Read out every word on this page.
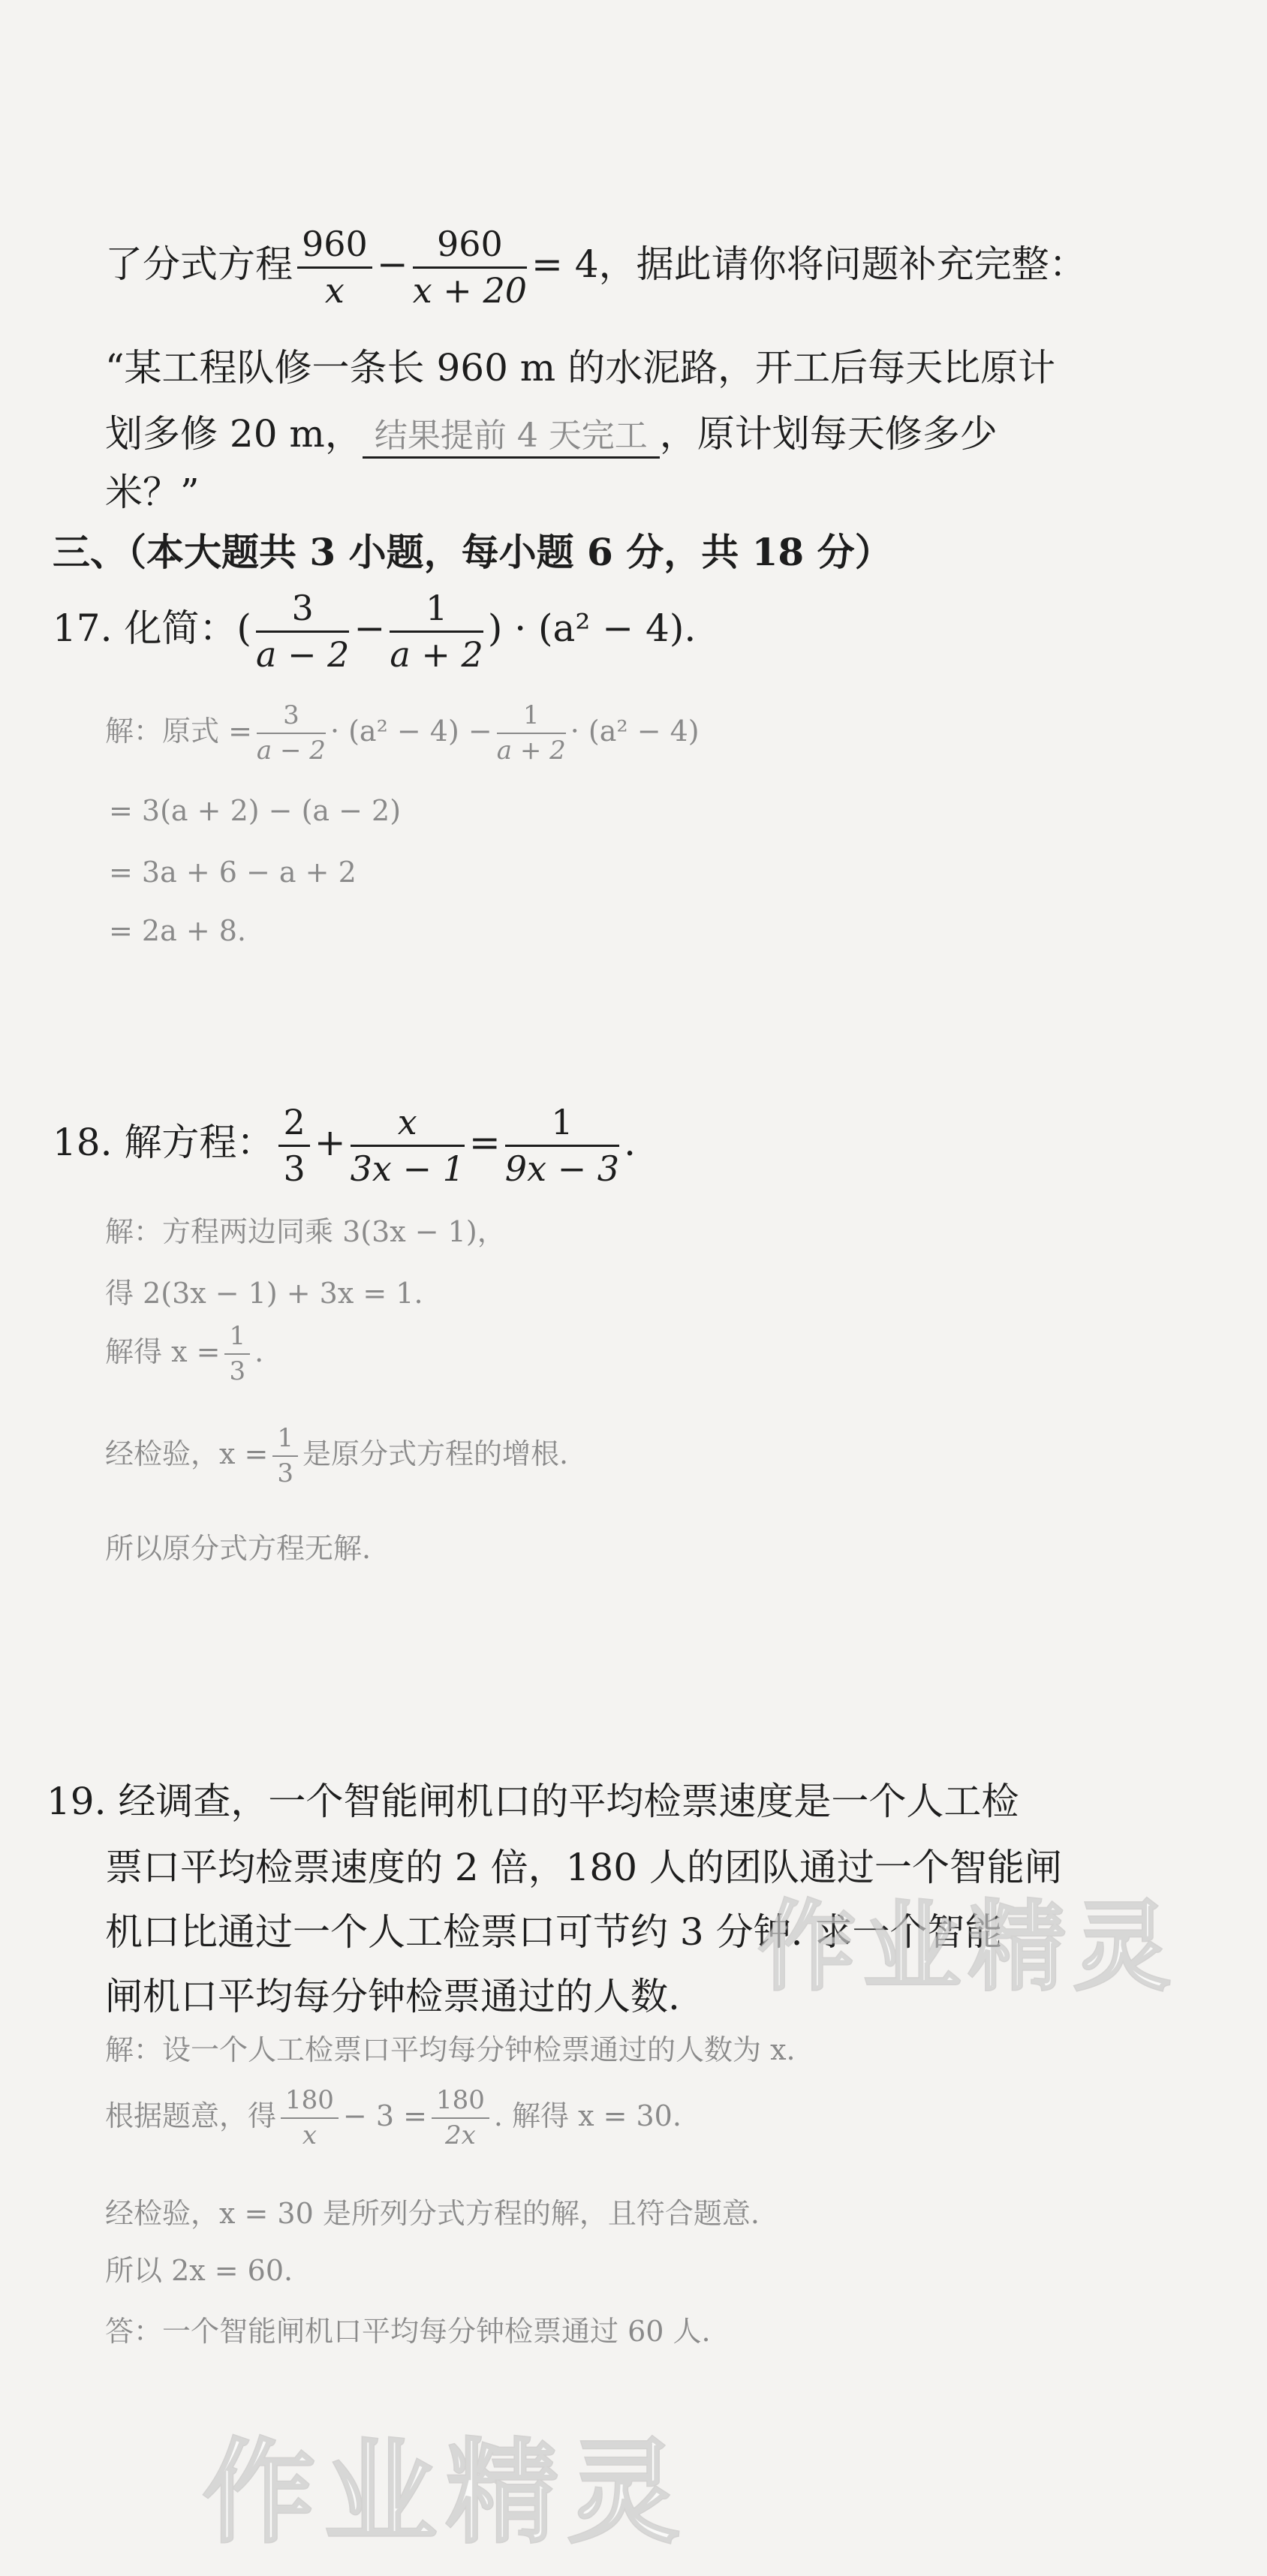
了分式方程 $\frac{960}{x} - \frac{960}{x + 20} = 4$，据此请你将问题补充完整：
“某工程队修一条长 960 m 的水泥路，开工后每天比原计
划多修 20 m， 结果提前 4 天完工 ，原计划每天修多少
米？”
三、（本大题共 3 小题，每小题 6 分，共 18 分）
17. 化简：( $\frac{3}{a - 2} - \frac{1}{a + 2}$ ) · (a² − 4).
解：原式 = $\frac{3}{a - 2} \cdot (a^2 - 4) - \frac{1}{a + 2} \cdot (a^2 - 4)$
= 3(a + 2) − (a − 2)
= 3a + 6 − a + 2
= 2a + 8.
18. 解方程： $\frac{2}{3} + \frac{x}{3x - 1} = \frac{1}{9x - 3}$ .
解：方程两边同乘 3(3x − 1)，
得 2(3x − 1) + 3x = 1.
解得 $x = \frac{1}{3}$ .
经检验，$x = \frac{1}{3}$ 是原分式方程的增根.
所以原分式方程无解.
19. 经调查，一个智能闸机口的平均检票速度是一个人工检
票口平均检票速度的 2 倍，180 人的团队通过一个智能闸
机口比通过一个人工检票口可节约 3 分钟. 求一个智能
闸机口平均每分钟检票通过的人数.
解：设一个人工检票口平均每分钟检票通过的人数为 x.
根据题意，得 $\frac{180}{x} - 3 = \frac{180}{2x}$ . 解得 x = 30.
经检验，x = 30 是所列分式方程的解，且符合题意.
所以 2x = 60.
答：一个智能闸机口平均每分钟检票通过 60 人.
作业精灵
作业精灵
